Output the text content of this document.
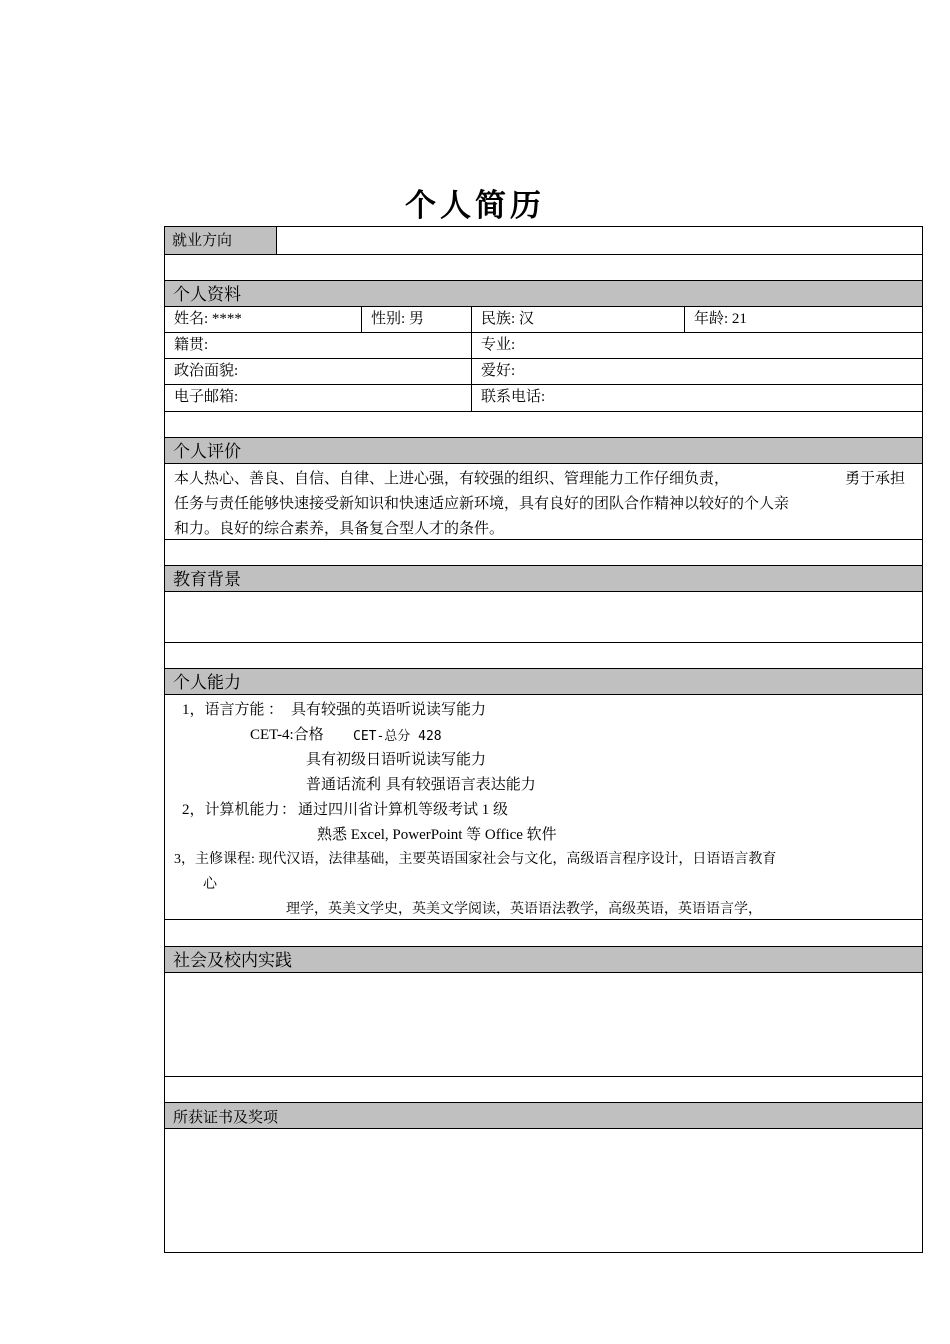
个人简历
就业方向
个人资料
姓名: ****	性别: 男	民族: 汉	年龄: 21
籍贯:	专业:
政治面貌:	爱好:
电子邮箱:	联系电话:
个人评价
本人热心、善良、自信、自律、上进心强，有较强的组织、管理能力工作仔细负责，	勇于承担
任务与责任能够快速接受新知识和快速适应新环境，具有良好的团队合作精神以较好的个人亲
和力。良好的综合素养，具备复合型人才的条件。
教育背景
个人能力
1，语言方能 ： 具有较强的英语听说读写能力
CET-4:合格 CET-总分 428
具有初级日语听说读写能力
普通话流利 具有较强语言表达能力
2，计算机能力 ： 通过四川省计算机等级考试 1 级
熟悉 Excel, PowerPoint 等 Office 软件
3，主修课程: 现代汉语，法律基础，主要英语国家社会与文化，高级语言程序设计，日语语言教育
心
理学，英美文学史，英美文学阅读，英语语法教学，高级英语，英语语言学，
社会及校内实践
所获证书及奖项
